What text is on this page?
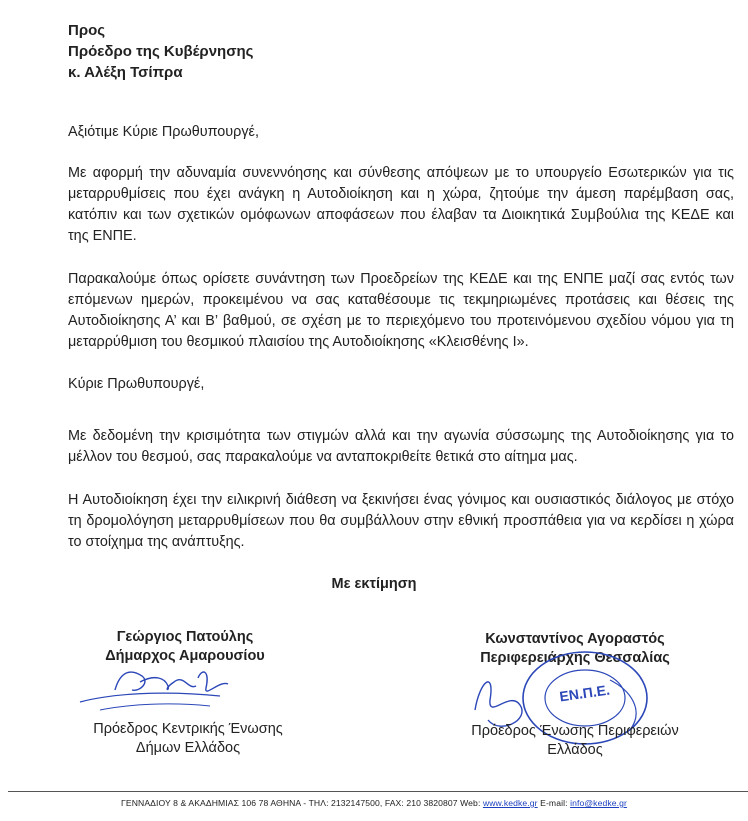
Προς
Πρόεδρο της Κυβέρνησης
κ. Αλέξη Τσίπρα
Αξιότιμε Κύριε Πρωθυπουργέ,
Με αφορμή την αδυναμία συνεννόησης και σύνθεσης απόψεων με το υπουργείο Εσωτερικών για τις μεταρρυθμίσεις που έχει ανάγκη η Αυτοδιοίκηση και η χώρα, ζητούμε την άμεση παρέμβαση σας, κατόπιν και των σχετικών ομόφωνων αποφάσεων που έλαβαν τα Διοικητικά Συμβούλια της ΚΕΔΕ και της ΕΝΠΕ.
Παρακαλούμε όπως ορίσετε συνάντηση των Προεδρείων της ΚΕΔΕ και της ΕΝΠΕ μαζί σας εντός των επόμενων ημερών, προκειμένου να σας καταθέσουμε τις τεκμηριωμένες προτάσεις και θέσεις της Αυτοδιοίκησης Α’ και Β’ βαθμού, σε σχέση με το περιεχόμενο του προτεινόμενου σχεδίου νόμου για τη μεταρρύθμιση του θεσμικού πλαισίου της Αυτοδιοίκησης «Κλεισθένης Ι».
Κύριε Πρωθυπουργέ,
Με δεδομένη την κρισιμότητα των στιγμών αλλά και την αγωνία σύσσωμης της Αυτοδιοίκησης για το μέλλον του θεσμού, σας παρακαλούμε να ανταποκριθείτε θετικά στο αίτημα μας.
Η Αυτοδιοίκηση έχει την ειλικρινή διάθεση να ξεκινήσει ένας γόνιμος και ουσιαστικός διάλογος με στόχο τη δρομολόγηση μεταρρυθμίσεων που θα συμβάλλουν στην εθνική προσπάθεια για να κερδίσει η χώρα το στοίχημα της ανάπτυξης.
Με εκτίμηση
Γεώργιος Πατούλης
Δήμαρχος Αμαρουσίου
Πρόεδρος Κεντρικής Ένωσης
Δήμων Ελλάδος
Κωνσταντίνος Αγοραστός
Περιφερειάρχης Θεσσαλίας
ΕΝ.Π.Ε.
Πρόεδρος Ένωσης Περιφερειών
Ελλάδος
ΓΕΝΝΑΔΙΟΥ 8 & ΑΚΑΔΗΜΙΑΣ 106 78 ΑΘΗΝΑ - ΤΗΛ: 2132147500, FAX: 210 3820807 Web: www.kedke.gr E-mail: info@kedke.gr
